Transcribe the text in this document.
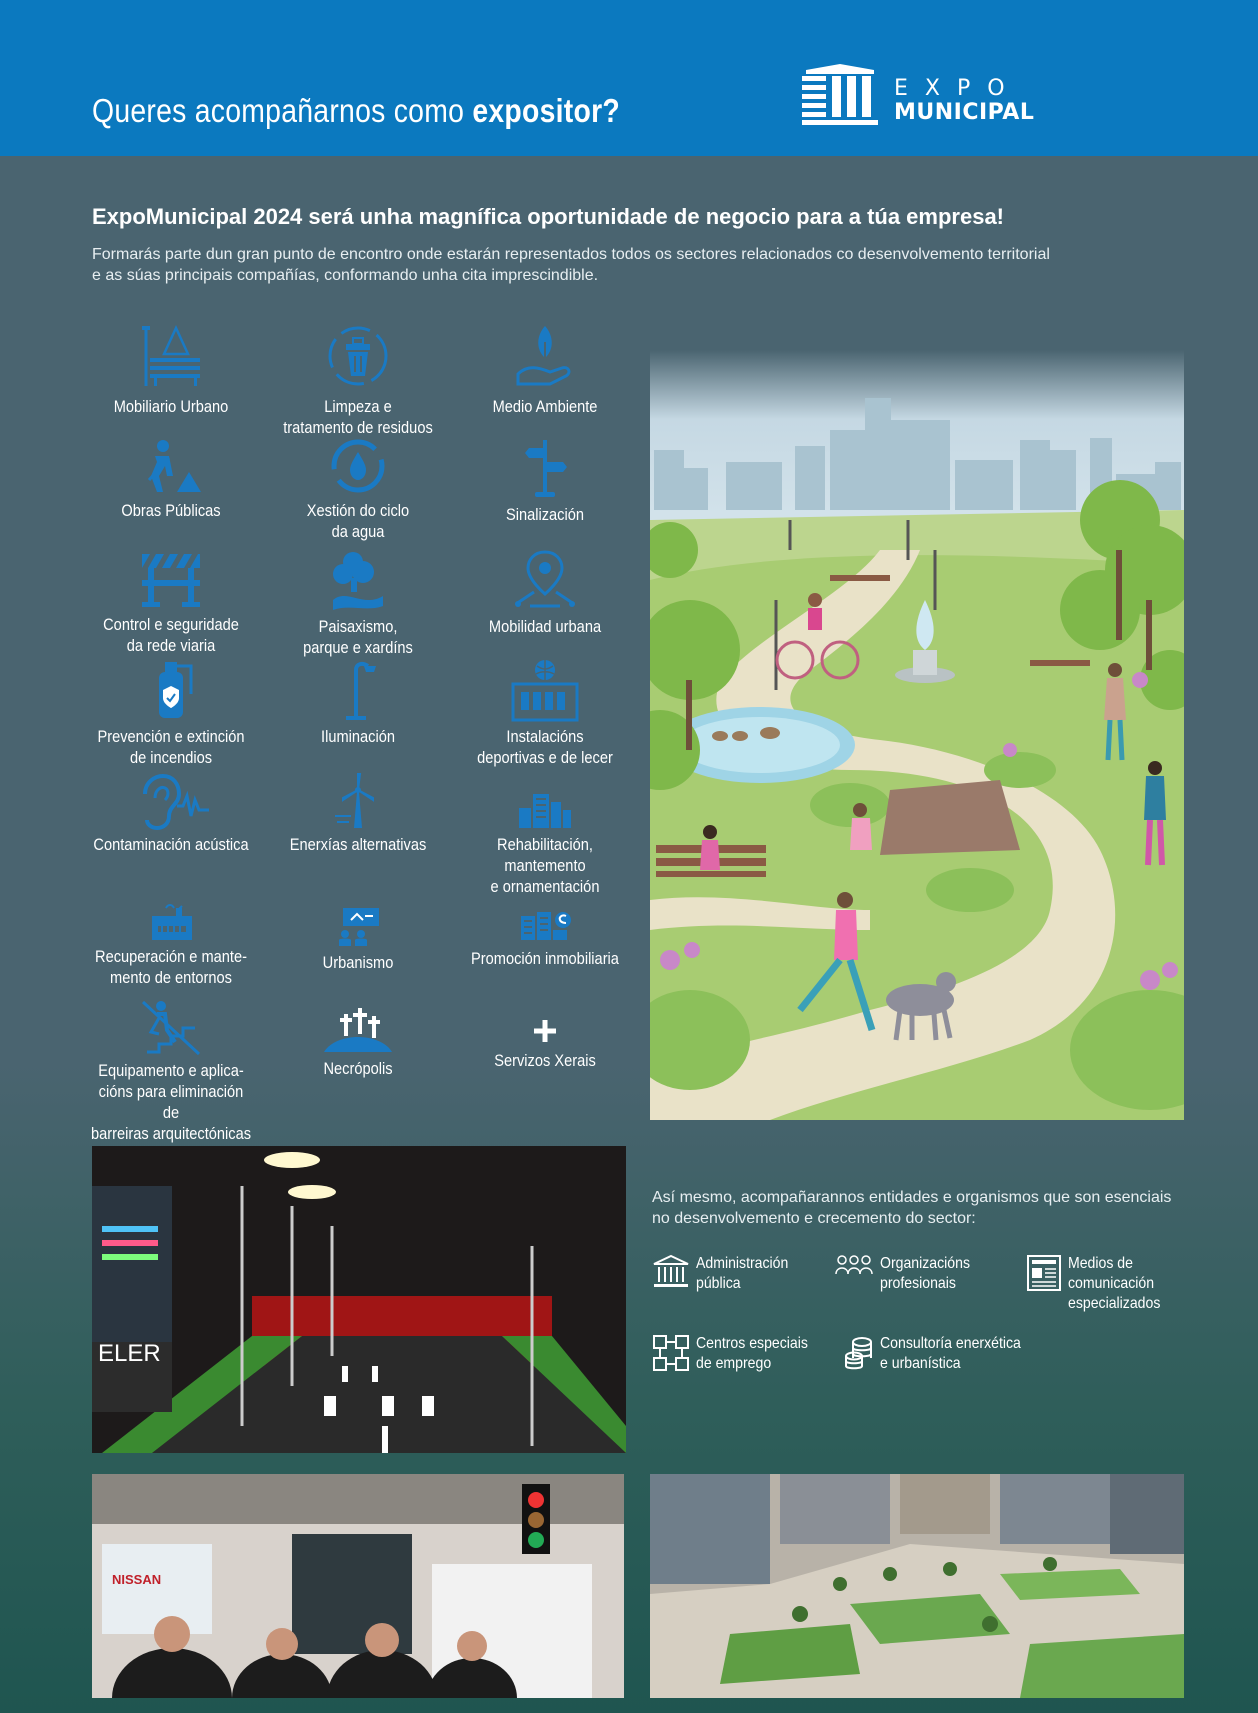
Queres acompañarnos como expositor?
EXPO
MUNICIPAL
ExpoMunicipal 2024 será unha magnífica oportunidade de negocio para a túa empresa!
Formarás parte dun gran punto de encontro onde estarán representados todos os sectores relacionados co desenvolvemento territorial e as súas principais compañías, conformando unha cita imprescindible.
Mobiliario Urbano	Limpeza e
tratamento de residuos
Medio Ambiente
Obras Públicas	Xestión do ciclo
da agua
Sinalización
Control e seguridade
da rede viaria
Paisaxismo,
parque e xardíns
Mobilidad urbana
Prevención e extinción
de incendios
Iluminación	Instalacións
deportivas e de lecer
Contaminación acústica	Enerxías alternativas	Rehabilitación,
mantemento
e ornamentación
Recuperación e mante-
mento de entornos
Urbanismo	Promoción inmobiliaria
Equipamento e aplica-
cións para eliminación de
barreiras arquitectónicas
Necrópolis	Servizos Xerais
ELER
Así mesmo, acompañarannos entidades e organismos que son esenciais no desenvolvemento e crecemento do sector:
Administración
pública
Organizacións
profesionais
Medios de
comunicación
especializados
Centros especiais
de emprego
Consultoría enerxética
e urbanística
NISSAN
